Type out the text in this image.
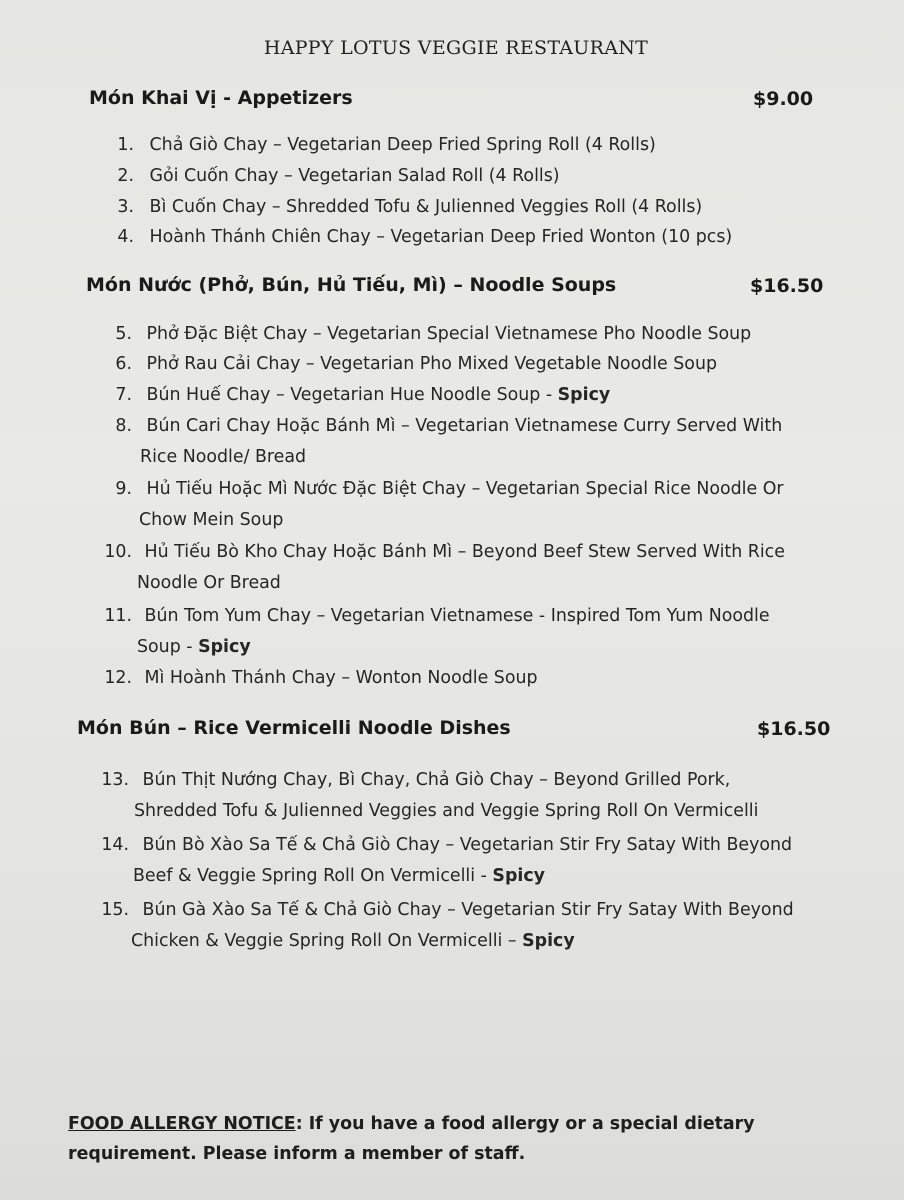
HAPPY LOTUS VEGGIE RESTAURANT
Món Khai Vị - Appetizers	$9.00
1. Chả Giò Chay – Vegetarian Deep Fried Spring Roll (4 Rolls)
2. Gỏi Cuốn Chay – Vegetarian Salad Roll (4 Rolls)
3. Bì Cuốn Chay – Shredded Tofu & Julienned Veggies Roll (4 Rolls)
4. Hoành Thánh Chiên Chay – Vegetarian Deep Fried Wonton (10 pcs)
Món Nước (Phở, Bún, Hủ Tiếu, Mì) – Noodle Soups	$16.50
5. Phở Đặc Biệt Chay – Vegetarian Special Vietnamese Pho Noodle Soup
6. Phở Rau Cải Chay – Vegetarian Pho Mixed Vegetable Noodle Soup
7. Bún Huế Chay – Vegetarian Hue Noodle Soup - Spicy
8. Bún Cari Chay Hoặc Bánh Mì – Vegetarian Vietnamese Curry Served With
Rice Noodle/ Bread
9. Hủ Tiếu Hoặc Mì Nước Đặc Biệt Chay – Vegetarian Special Rice Noodle Or
Chow Mein Soup
10. Hủ Tiếu Bò Kho Chay Hoặc Bánh Mì – Beyond Beef Stew Served With Rice
Noodle Or Bread
11. Bún Tom Yum Chay – Vegetarian Vietnamese - Inspired Tom Yum Noodle
Soup - Spicy
12. Mì Hoành Thánh Chay – Wonton Noodle Soup
Món Bún – Rice Vermicelli Noodle Dishes	$16.50
13. Bún Thịt Nướng Chay, Bì Chay, Chả Giò Chay – Beyond Grilled Pork,
Shredded Tofu & Julienned Veggies and Veggie Spring Roll On Vermicelli
14. Bún Bò Xào Sa Tế & Chả Giò Chay – Vegetarian Stir Fry Satay With Beyond
Beef & Veggie Spring Roll On Vermicelli - Spicy
15. Bún Gà Xào Sa Tế & Chả Giò Chay – Vegetarian Stir Fry Satay With Beyond
Chicken & Veggie Spring Roll On Vermicelli – Spicy
FOOD ALLERGY NOTICE: If you have a food allergy or a special dietary
requirement. Please inform a member of staff.
